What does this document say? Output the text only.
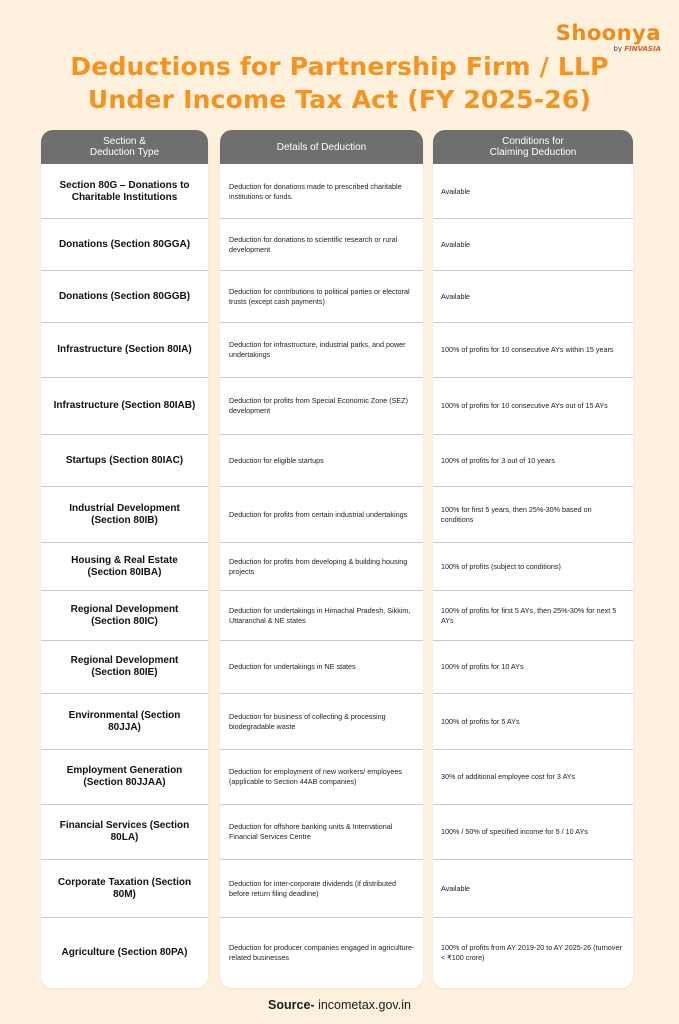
Shoonya
by FINVASIA
Deductions for Partnership Firm / LLP
Under Income Tax Act (FY 2025-26)
Section &
Deduction Type
Section 80G – Donations to Charitable Institutions
Donations (Section 80GGA)
Donations (Section 80GGB)
Infrastructure (Section 80IA)
Infrastructure (Section 80IAB)
Startups (Section 80IAC)
Industrial Development (Section 80IB)
Housing & Real Estate (Section 80IBA)
Regional Development (Section 80IC)
Regional Development (Section 80IE)
Environmental (Section 80JJA)
Employment Generation (Section 80JJAA)
Financial Services (Section 80LA)
Corporate Taxation (Section 80M)
Agriculture (Section 80PA)
Details of Deduction
Deduction for donations made to prescribed charitable institutions or funds.
Deduction for donations to scientific research or rural development
Deduction for contributions to political parties or electoral trusts (except cash payments)
Deduction for infrastructure, industrial parks, and power undertakings
Deduction for profits from Special Economic Zone (SEZ) development
Deduction for eligible startups
Deduction for profits from certain industrial undertakings
Deduction for profits from developing & building housing projects
Deduction for undertakings in Himachal Pradesh, Sikkim, Uttaranchal & NE states
Deduction for undertakings in NE states
Deduction for business of collecting & processing biodegradable waste
Deduction for employment of new workers/ employees (applicable to Section 44AB companies)
Deduction for offshore banking units & International Financial Services Centre
Deduction for inter-corporate dividends (if distributed before return filing deadline)
Deduction for producer companies engaged in agriculture-related businesses
Conditions for
Claiming Deduction
Available
Available
Available
100% of profits for 10 consecutive AYs within 15 years
100% of profits for 10 consecutive AYs out of 15 AYs
100% of profits for 3 out of 10 years
100% for first 5 years, then 25%-30% based on conditions
100% of profits (subject to conditions)
100% of profits for first 5 AYs, then 25%-30% for next 5 AYs
100% of profits for 10 AYs
100% of profits for 5 AYs
30% of additional employee cost for 3 AYs
100% / 50% of specified income for 5 / 10 AYs
Available
100% of profits from AY 2019-20 to AY 2025-26 (turnover < ₹100 crore)
Source- incometax.gov.in
